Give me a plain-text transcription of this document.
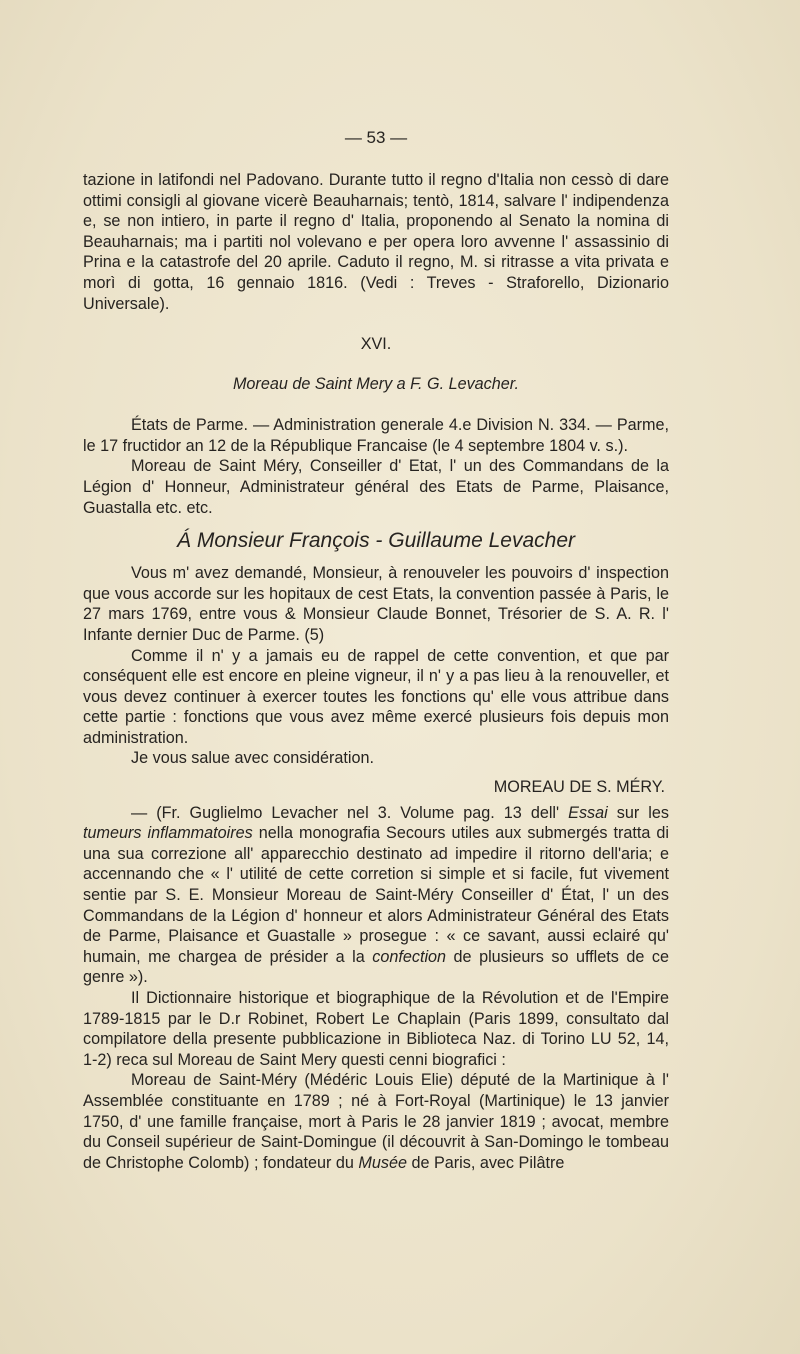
— 53 —

tazione in latifondi nel Padovano. Durante tutto il regno d'Italia non cessò di dare ottimi consigli al giovane vicerè Beauharnais; tentò, 1814, salvare l' indipendenza e, se non intiero, in parte il regno d' Italia, proponendo al Senato la nomina di Beauharnais; ma i partiti nol volevano e per opera loro avvenne l' assassinio di Prina e la catastrofe del 20 aprile. Caduto il regno, M. si ritrasse a vita privata e morì di gotta, 16 gennaio 1816. (Vedi : Treves - Straforello, Dizionario Universale).

XVI.
Moreau de Saint Mery a F. G. Levacher.

États de Parme. — Administration generale 4.e Division N. 334. — Parme, le 17 fructidor an 12 de la République Francaise (le 4 septembre 1804 v. s.).

Moreau de Saint Méry, Conseiller d' Etat, l' un des Commandans de la Légion d' Honneur, Administrateur général des Etats de Parme, Plaisance, Guastalla etc. etc.

Á Monsieur François - Guillaume Levacher

Vous m' avez demandé, Monsieur, à renouveler les pouvoirs d' inspection que vous accorde sur les hopitaux de cest Etats, la convention passée à Paris, le 27 mars 1769, entre vous & Monsieur Claude Bonnet, Trésorier de S. A. R. l' Infante dernier Duc de Parme. (5)

Comme il n' y a jamais eu de rappel de cette convention, et que par conséquent elle est encore en pleine vigneur, il n' y a pas lieu à la renouveller, et vous devez continuer à exercer toutes les fonctions qu' elle vous attribue dans cette partie : fonctions que vous avez même exercé plusieurs fois depuis mon administration.

Je vous salue avec considération.

MOREAU DE S. MÉRY.

— (Fr. Guglielmo Levacher nel 3. Volume pag. 13 dell' Essai sur les tumeurs inflammatoires nella monografia Secours utiles aux submergés tratta di una sua correzione all' apparecchio destinato ad impedire il ritorno dell'aria; e accennando che « l' utilité de cette corretion si simple et si facile, fut vivement sentie par S. E. Monsieur Moreau de Saint-Méry Conseiller d' État, l' un des Commandans de la Légion d' honneur et alors Administrateur Général des Etats de Parme, Plaisance et Guastalle » prosegue : « ce savant, aussi eclairé qu' humain, me chargea de présider a la confection de plusieurs so ufflets de ce genre »).

Il Dictionnaire historique et biographique de la Révolution et de l'Empire 1789-1815 par le D.r Robinet, Robert Le Chaplain (Paris 1899, consultato dal compilatore della presente pubblicazione in Biblioteca Naz. di Torino LU 52, 14, 1-2) reca sul Moreau de Saint Mery questi cenni biografici :

Moreau de Saint-Méry (Médéric Louis Elie) député de la Martinique à l' Assemblée constituante en 1789 ; né à Fort-Royal (Martinique) le 13 janvier 1750, d' une famille française, mort à Paris le 28 janvier 1819 ; avocat, membre du Conseil supérieur de Saint-Domingue (il découvrit à San-Domingo le tombeau de Christophe Colomb) ; fondateur du Musée de Paris, avec Pilâtre
